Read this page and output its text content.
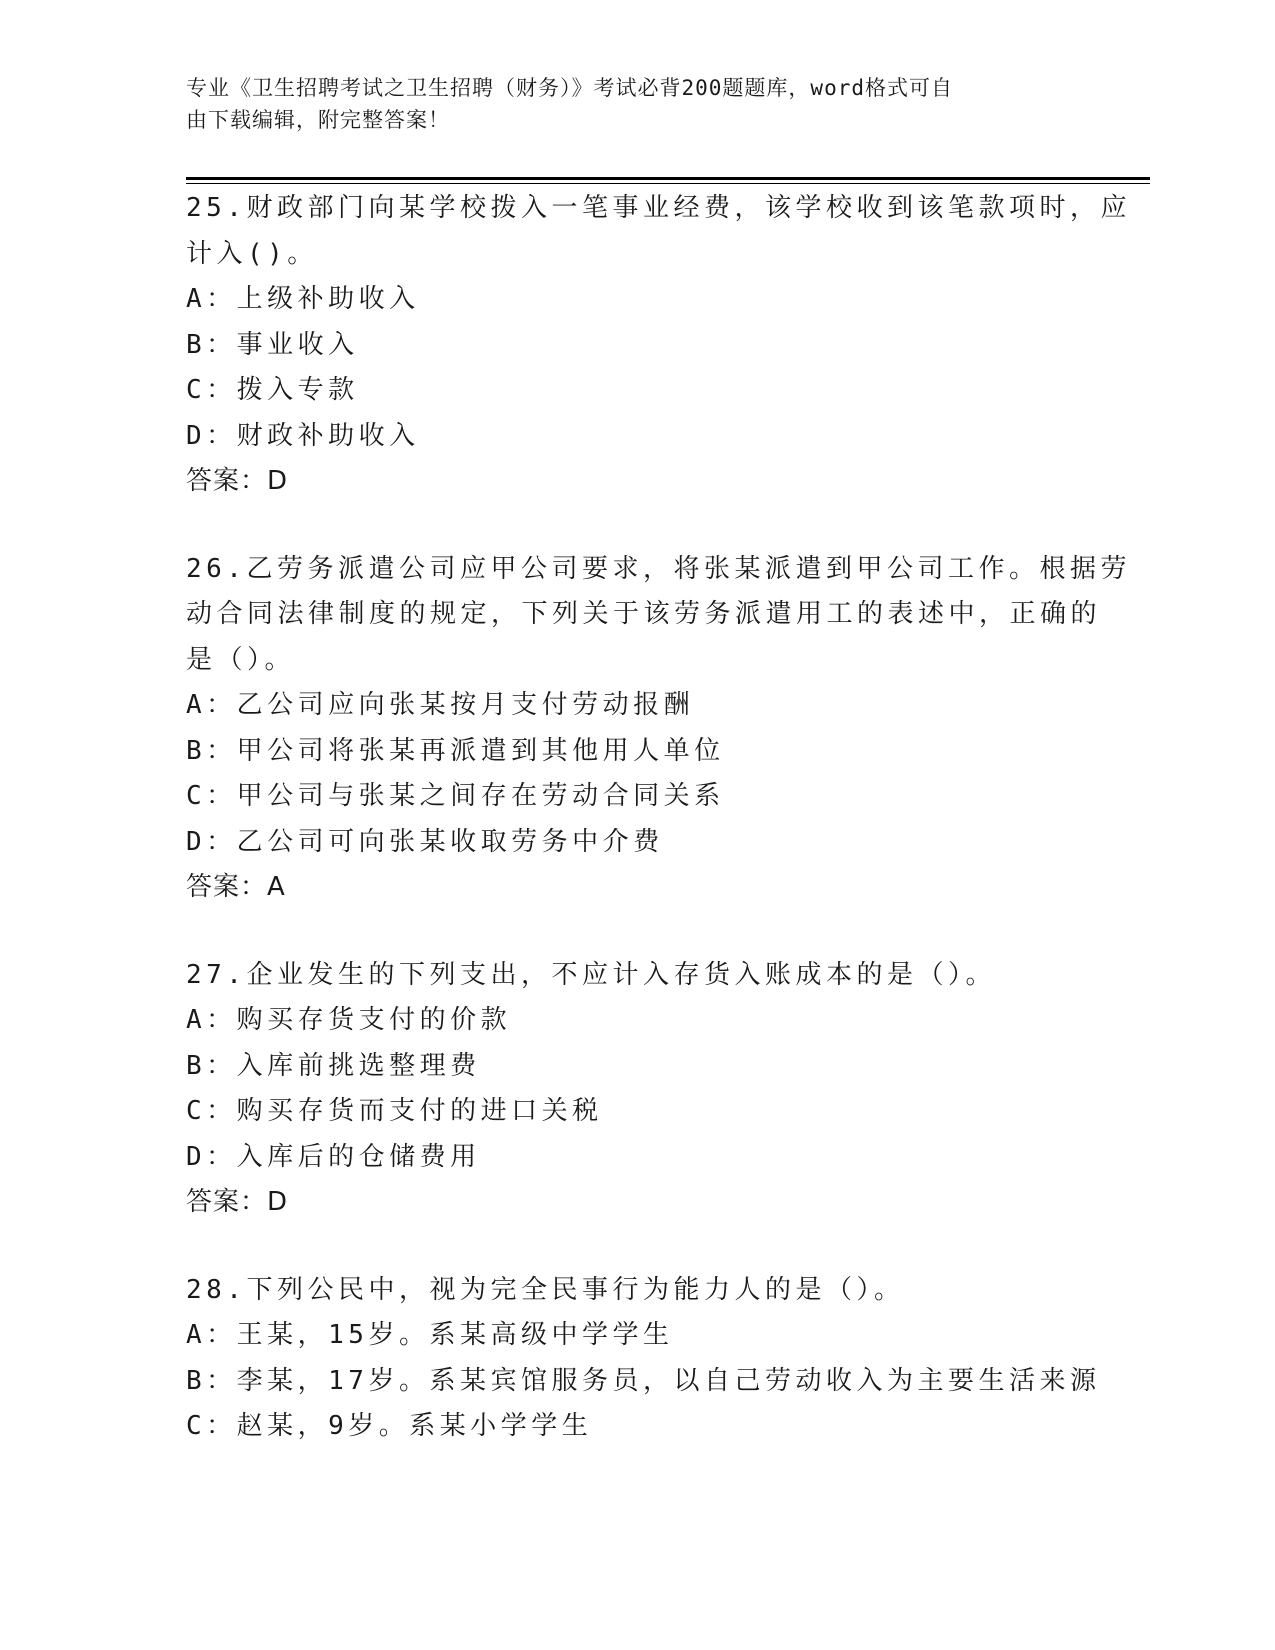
专业《卫生招聘考试之卫生招聘（财务）》考试必背200题题库，word格式可自
由下载编辑，附完整答案！
25.财政部门向某学校拨入一笔事业经费，该学校收到该笔款项时，应
计入()。
A：上级补助收入
B：事业收入
C：拨入专款
D：财政补助收入
答案：D
26.乙劳务派遣公司应甲公司要求，将张某派遣到甲公司工作。根据劳
动合同法律制度的规定，下列关于该劳务派遣用工的表述中，正确的
是（）。
A：乙公司应向张某按月支付劳动报酬
B：甲公司将张某再派遣到其他用人单位
C：甲公司与张某之间存在劳动合同关系
D：乙公司可向张某收取劳务中介费
答案：A
27.企业发生的下列支出，不应计入存货入账成本的是（）。
A：购买存货支付的价款
B：入库前挑选整理费
C：购买存货而支付的进口关税
D：入库后的仓储费用
答案：D
28.下列公民中，视为完全民事行为能力人的是（）。
A：王某，15岁。系某高级中学学生
B：李某，17岁。系某宾馆服务员，以自己劳动收入为主要生活来源
C：赵某，9岁。系某小学学生
